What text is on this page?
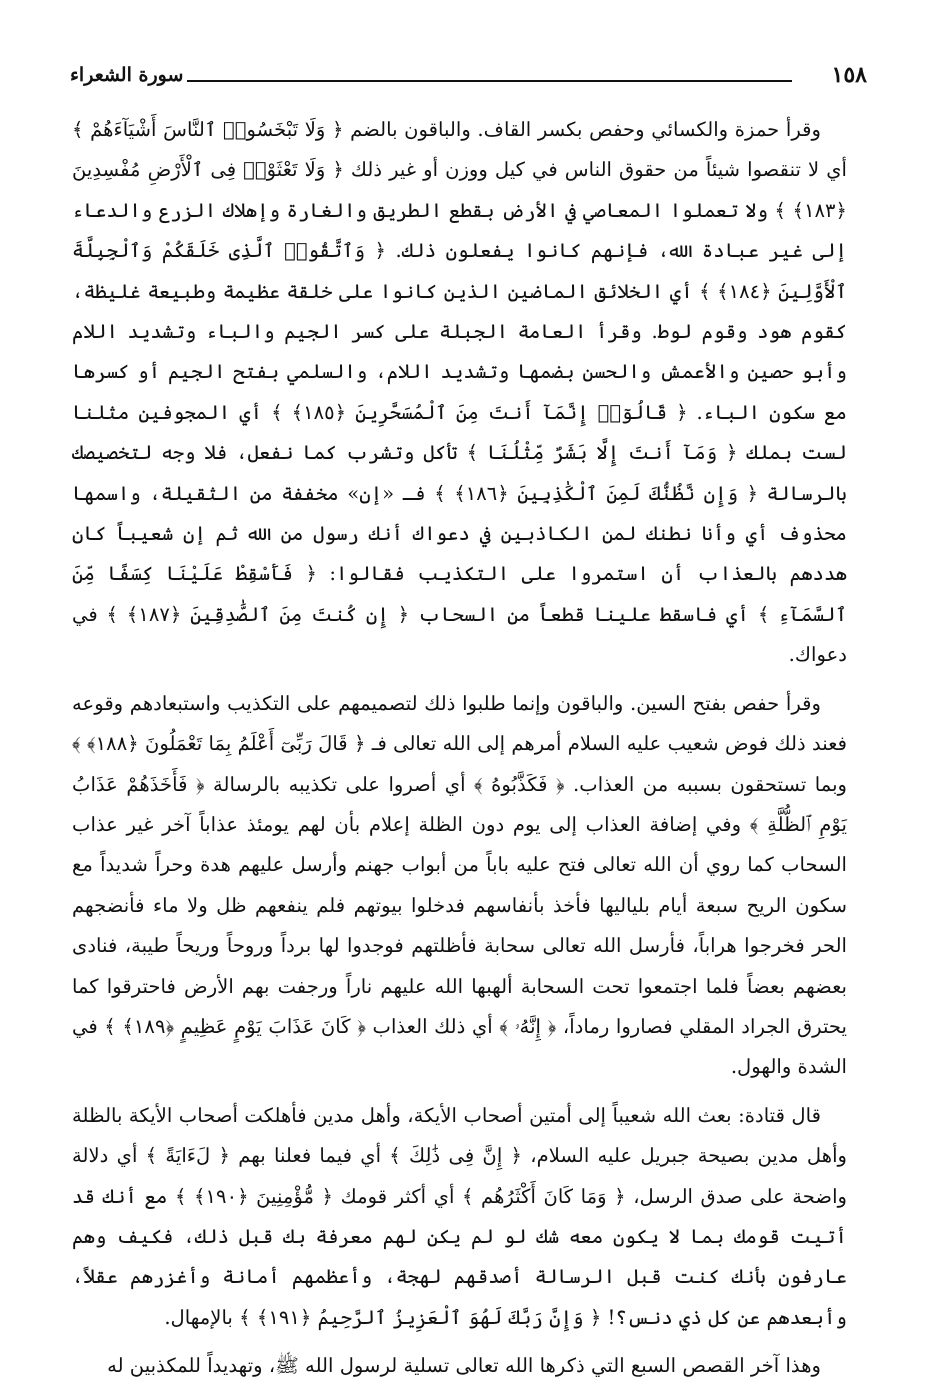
١٥٨
سورة الشعراء

وقرأ حمزة والكسائي وحفص بكسر القاف. والباقون بالضم ﴿ وَلَا تَبْخَسُوا۟ ٱلنَّاسَ أَشْيَآءَهُمْ ﴾ أي لا تنقصوا شيئاً من حقوق الناس في كيل ووزن أو غير ذلك ﴿ وَلَا تَعْثَوْا۟ فِى ٱلْأَرْضِ مُفْسِدِينَ ﴿١٨٣﴾ ﴾ ولا تعملوا المعاصي في الأرض بقطع الطريق والغارة وإهلاك الزرع والدعاء إلى غير عبادة الله، فإنهم كانوا يفعلون ذلك. ﴿ وَٱتَّقُوا۟ ٱلَّذِى خَلَقَكُمْ وَٱلْجِبِلَّةَ ٱلْأَوَّلِينَ ﴿١٨٤﴾ ﴾ أي الخلائق الماضين الذين كانوا على خلقة عظيمة وطبيعة غليظة، كقوم هود وقوم لوط. وقرأ العامة الجبلة على كسر الجيم والباء وتشديد اللام وأبو حصين والأعمش والحسن بضمها وتشديد اللام، والسلمي بفتح الجيم أو كسرها مع سكون الباء. ﴿ قَالُوٓا۟ إِنَّمَآ أَنتَ مِنَ ٱلْمُسَحَّرِينَ ﴿١٨٥﴾ ﴾ أي المجوفين مثلنا لست بملك ﴿ وَمَآ أَنتَ إِلَّا بَشَرٌ مِّثْلُنَا ﴾ تأكل وتشرب كما نفعل، فلا وجه لتخصيصك بالرسالة ﴿ وَإِن نَّظُنُّكَ لَمِنَ ٱلْكَٰذِبِينَ ﴿١٨٦﴾ ﴾ فـ «إن» مخففة من الثقيلة، واسمها محذوف أي وأنا نطنك لمن الكاذبين في دعواك أنك رسول من الله ثم إن شعيباً كان هددهم بالعذاب أن استمروا على التكذيب فقالوا: ﴿ فَأَسْقِطْ عَلَيْنَا كِسَفًا مِّنَ ٱلسَّمَآءِ ﴾ أي فاسقط علينا قطعاً من السحاب ﴿ إِن كُنتَ مِنَ ٱلصَّٰدِقِينَ ﴿١٨٧﴾ ﴾ في دعواك.

وقرأ حفص بفتح السين. والباقون وإنما طلبوا ذلك لتصميمهم على التكذيب واستبعادهم وقوعه فعند ذلك فوض شعيب عليه السلام أمرهم إلى الله تعالى فـ ﴿ قَالَ رَبِّىٓ أَعْلَمُ بِمَا تَعْمَلُونَ ﴿١٨٨﴾ ﴾ وبما تستحقون بسببه من العذاب. ﴿ فَكَذَّبُوهُ ﴾ أي أصروا على تكذيبه بالرسالة ﴿ فَأَخَذَهُمْ عَذَابُ يَوْمِ ٱلظُّلَّةِ ﴾ وفي إضافة العذاب إلى يوم دون الظلة إعلام بأن لهم يومئذ عذاباً آخر غير عذاب السحاب كما روي أن الله تعالى فتح عليه باباً من أبواب جهنم وأرسل عليهم هدة وحراً شديداً مع سكون الريح سبعة أيام بلياليها فأخذ بأنفاسهم فدخلوا بيوتهم فلم ينفعهم ظل ولا ماء فأنضجهم الحر فخرجوا هراباً، فأرسل الله تعالى سحابة فأظلتهم فوجدوا لها برداً وروحاً وريحاً طيبة، فنادى بعضهم بعضاً فلما اجتمعوا تحت السحابة ألهبها الله عليهم ناراً ورجفت بهم الأرض فاحترقوا كما يحترق الجراد المقلي فصاروا رماداً، ﴿ إِنَّهُۥ ﴾ أي ذلك العذاب ﴿ كَانَ عَذَابَ يَوْمٍ عَظِيمٍ ﴿١٨٩﴾ ﴾ في الشدة والهول.

قال قتادة: بعث الله شعيباً إلى أمتين أصحاب الأيكة، وأهل مدين فأهلكت أصحاب الأيكة بالظلة وأهل مدين بصيحة جبريل عليه السلام، ﴿ إِنَّ فِى ذَٰلِكَ ﴾ أي فيما فعلنا بهم ﴿ لَءَايَةً ﴾ أي دلالة واضحة على صدق الرسل، ﴿ وَمَا كَانَ أَكْثَرُهُم ﴾ أي أكثر قومك ﴿ مُّؤْمِنِينَ ﴿١٩٠﴾ ﴾ مع أنك قد أتيت قومك بما لا يكون معه شك لو لم يكن لهم معرفة بك قبل ذلك، فكيف وهم عارفون بأنك كنت قبل الرسالة أصدقهم لهجة، وأعظمهم أمانة وأغزرهم عقلاً، وأبعدهم عن كل ذي دنس؟! ﴿ وَإِنَّ رَبَّكَ لَهُوَ ٱلْعَزِيزُ ٱلرَّحِيمُ ﴿١٩١﴾ ﴾ بالإمهال.

وهذا آخر القصص السبع التي ذكرها الله تعالى تسلية لرسول الله ﷺ، وتهديداً للمكذبين له
